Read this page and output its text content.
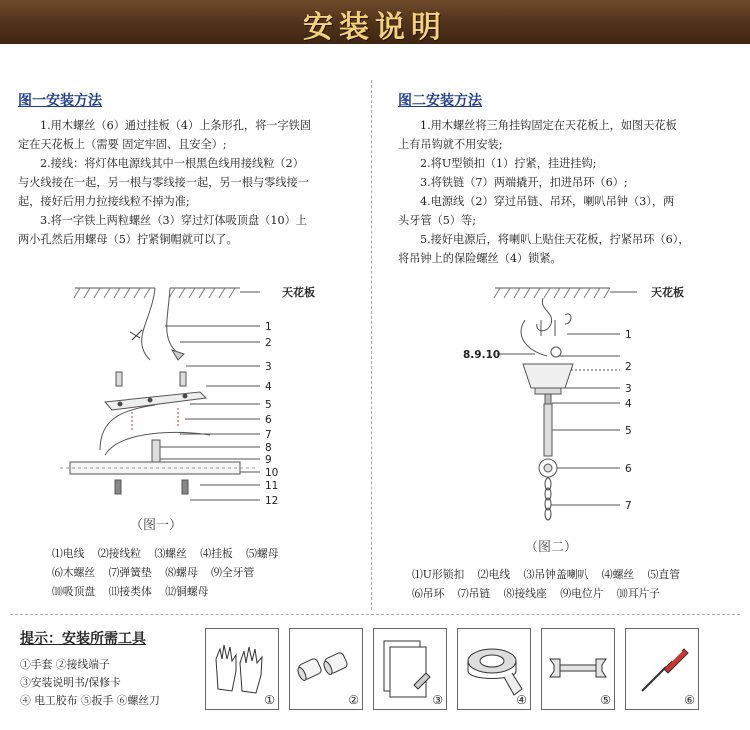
安装说明
图一安装方法

1.用木螺丝（6）通过挂板（4）上条形孔，将一字铁固

定在天花板上（需要 固定牢固、且安全）;

2.接线：将灯体电源线其中一根黑色线用接线粒（2）

与火线接在一起，另一根与零线接一起，另一根与零线接一

起，接好后用力拉接线粒不掉为准;

3.将一字铁上两粒螺丝（3）穿过灯体吸顶盘（10）上

两小孔然后用螺母（5）拧紧铜帽就可以了。

天花板
1
2
3
4
5
6
7
8
9
10
11
12
（图一）
⑴电线 ⑵接线粒 ⑶螺丝 ⑷挂板 ⑸螺母
⑹木螺丝 ⑺弹簧垫 ⑻螺母 ⑼全牙管
⑽吸顶盘 ⑾接类体 ⑿铜螺母
图二安装方法

1.用木螺丝将三角挂钩固定在天花板上，如图天花板

上有吊钩就不用安装;

2.将U型锁扣（1）拧紧，挂进挂钩;

3.将铁链（7）两端撬开，扣进吊环（6）;

4.电源线（2）穿过吊链、吊环，喇叭吊钟（3），两

头牙管（5）等;

5.接好电源后，将喇叭上贴住天花板，拧紧吊环（6），

将吊钟上的保险螺丝（4）锁紧。

天花板
8.9.10
1
2
3
4
5
6
7
（图二）
⑴U形锁扣 ⑵电线 ⑶吊钟盖喇叭 ⑷螺丝 ⑸直管
⑹吊环 ⑺吊链 ⑻接线座 ⑼电位片 ⑽耳片子
提示：安装所需工具
①手套 ②接线端子
③安装说明书/保修卡
④ 电工胶布 ⑤扳手 ⑥螺丝刀	①	②	③	④	⑤	⑥
